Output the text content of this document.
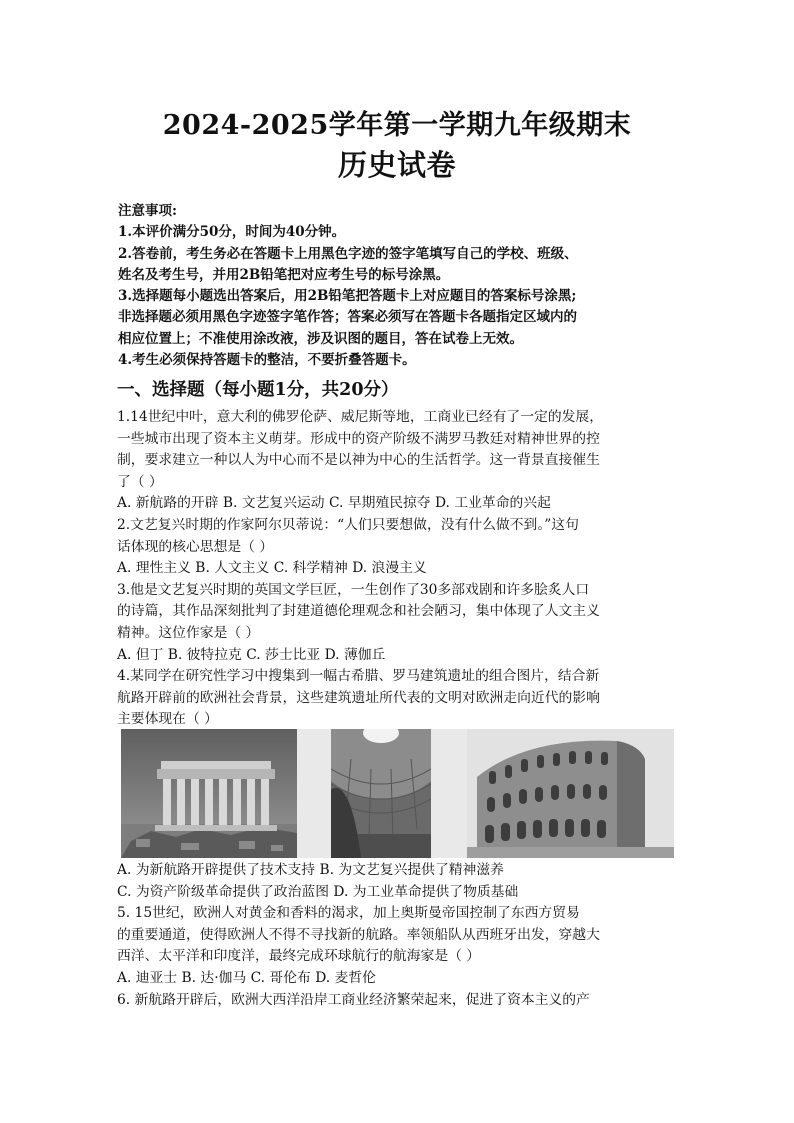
2024-2025学年第一学期九年级期末
历史试卷
注意事项:
1.本评价满分50分，时间为40分钟。
2.答卷前，考生务必在答题卡上用黑色字迹的签字笔填写自己的学校、班级、
姓名及考生号，并用2B铅笔把对应考生号的标号涂黑。
3.选择题每小题选出答案后，用2B铅笔把答题卡上对应题目的答案标号涂黑;
非选择题必须用黑色字迹签字笔作答；答案必须写在答题卡各题指定区域内的
相应位置上；不准使用涂改液，涉及识图的题目，答在试卷上无效。
4.考生必须保持答题卡的整洁，不要折叠答题卡。
一、选择题（每小题1分，共20分）
1.14世纪中叶，意大利的佛罗伦萨、威尼斯等地，工商业已经有了一定的发展，
一些城市出现了资本主义萌芽。形成中的资产阶级不满罗马教廷对精神世界的控
制，要求建立一种以人为中心而不是以神为中心的生活哲学。这一背景直接催生
了（ ）
A. 新航路的开辟 B. 文艺复兴运动 C. 早期殖民掠夺 D. 工业革命的兴起
2.文艺复兴时期的作家阿尔贝蒂说：“人们只要想做，没有什么做不到。”这句
话体现的核心思想是（ ）
A. 理性主义 B. 人文主义 C. 科学精神 D. 浪漫主义
3.他是文艺复兴时期的英国文学巨匠，一生创作了30多部戏剧和许多脍炙人口
的诗篇，其作品深刻批判了封建道德伦理观念和社会陋习，集中体现了人文主义
精神。这位作家是（ ）
A. 但丁 B. 彼特拉克 C. 莎士比亚 D. 薄伽丘
4.某同学在研究性学习中搜集到一幅古希腊、罗马建筑遗址的组合图片，结合新
航路开辟前的欧洲社会背景，这些建筑遗址所代表的文明对欧洲走向近代的影响
主要体现在（ ）
A. 为新航路开辟提供了技术支持 B. 为文艺复兴提供了精神滋养
C. 为资产阶级革命提供了政治蓝图 D. 为工业革命提供了物质基础
5. 15世纪，欧洲人对黄金和香料的渴求，加上奥斯曼帝国控制了东西方贸易
的重要通道，使得欧洲人不得不寻找新的航路。率领船队从西班牙出发，穿越大
西洋、太平洋和印度洋，最终完成环球航行的航海家是（ ）
A. 迪亚士 B. 达·伽马 C. 哥伦布 D. 麦哲伦
6. 新航路开辟后，欧洲大西洋沿岸工商业经济繁荣起来，促进了资本主义的产
